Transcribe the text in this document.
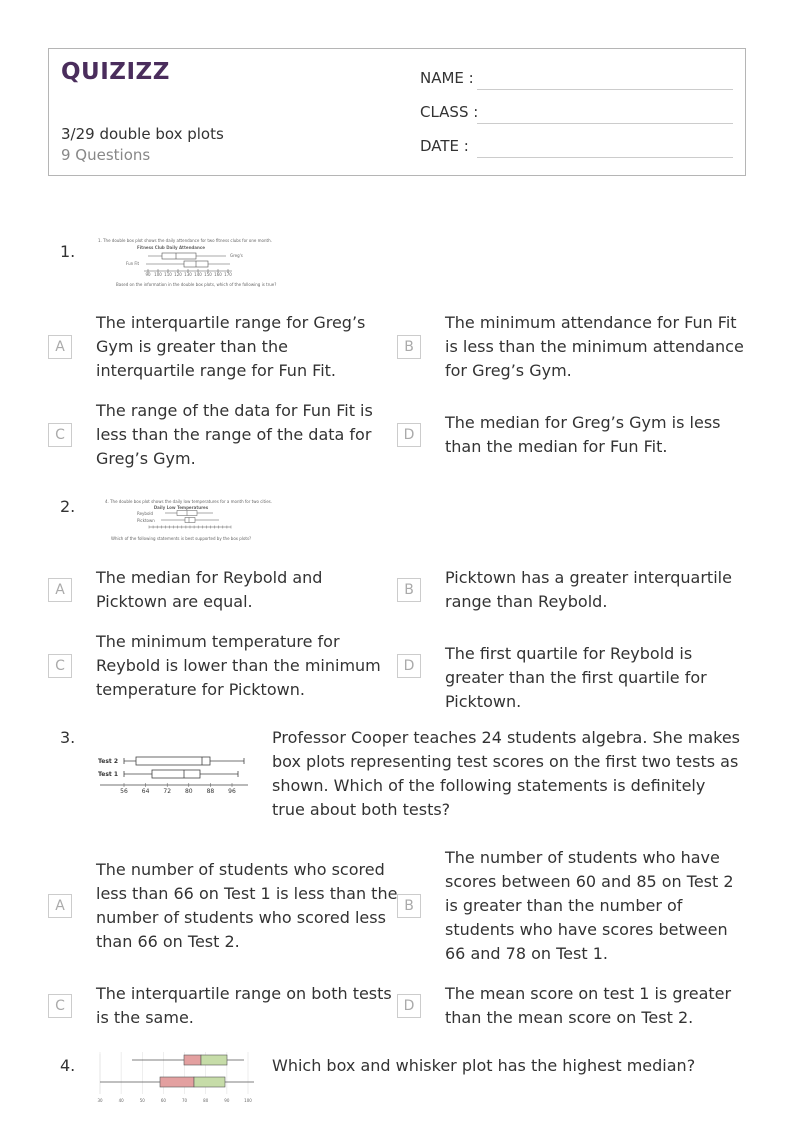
QUIZIZZ
3/29 double box plots
9 Questions
NAME :
CLASS :
DATE :
1.
1. The double box plot shows the daily attendance for two fitness clubs for one month.
Fitness Club Daily Attendance
Greg's
Fun Fit
90 100 110 120 130 140 150 160 170
Based on the information in the double box plots, which of the following is true?
A
The interquartile range for Greg’s Gym is greater than the interquartile range for Fun Fit.
B
The minimum attendance for Fun Fit is less than the minimum attendance for Greg’s Gym.
C
The range of the data for Fun Fit is less than the range of the data for Greg’s Gym.
D
The median for Greg’s Gym is less than the median for Fun Fit.
2.	4. The double box plot shows the daily low temperatures for a month for two cities.
Daily Low Temperatures
Reybold
Picktown
Which of the following statements is best supported by the box plots?
A
The median for Reybold and Picktown are equal.
B
Picktown has a greater interquartile range than Reybold.
C
The minimum temperature for Reybold is lower than the minimum temperature for Picktown.
D
The first quartile for Reybold is greater than the first quartile for Picktown.
3.
Test 2
Test 1
56 64 72 80 88 96
Professor Cooper teaches 24 students algebra. She makes box plots representing test scores on the first two tests as shown. Which of the following statements is definitely true about both tests?
A
The number of students who scored less than 66 on Test 1 is less than the number of students who scored less than 66 on Test 2.
B
The number of students who have scores between 60 and 85 on Test 2 is greater than the number of students who have scores between 66 and 78 on Test 1.
C
The interquartile range on both tests is the same.
D
The mean score on test 1 is greater than the mean score on Test 2.
4.
30	40	50	60	70	80	90	100
Which box and whisker plot has the highest median?
